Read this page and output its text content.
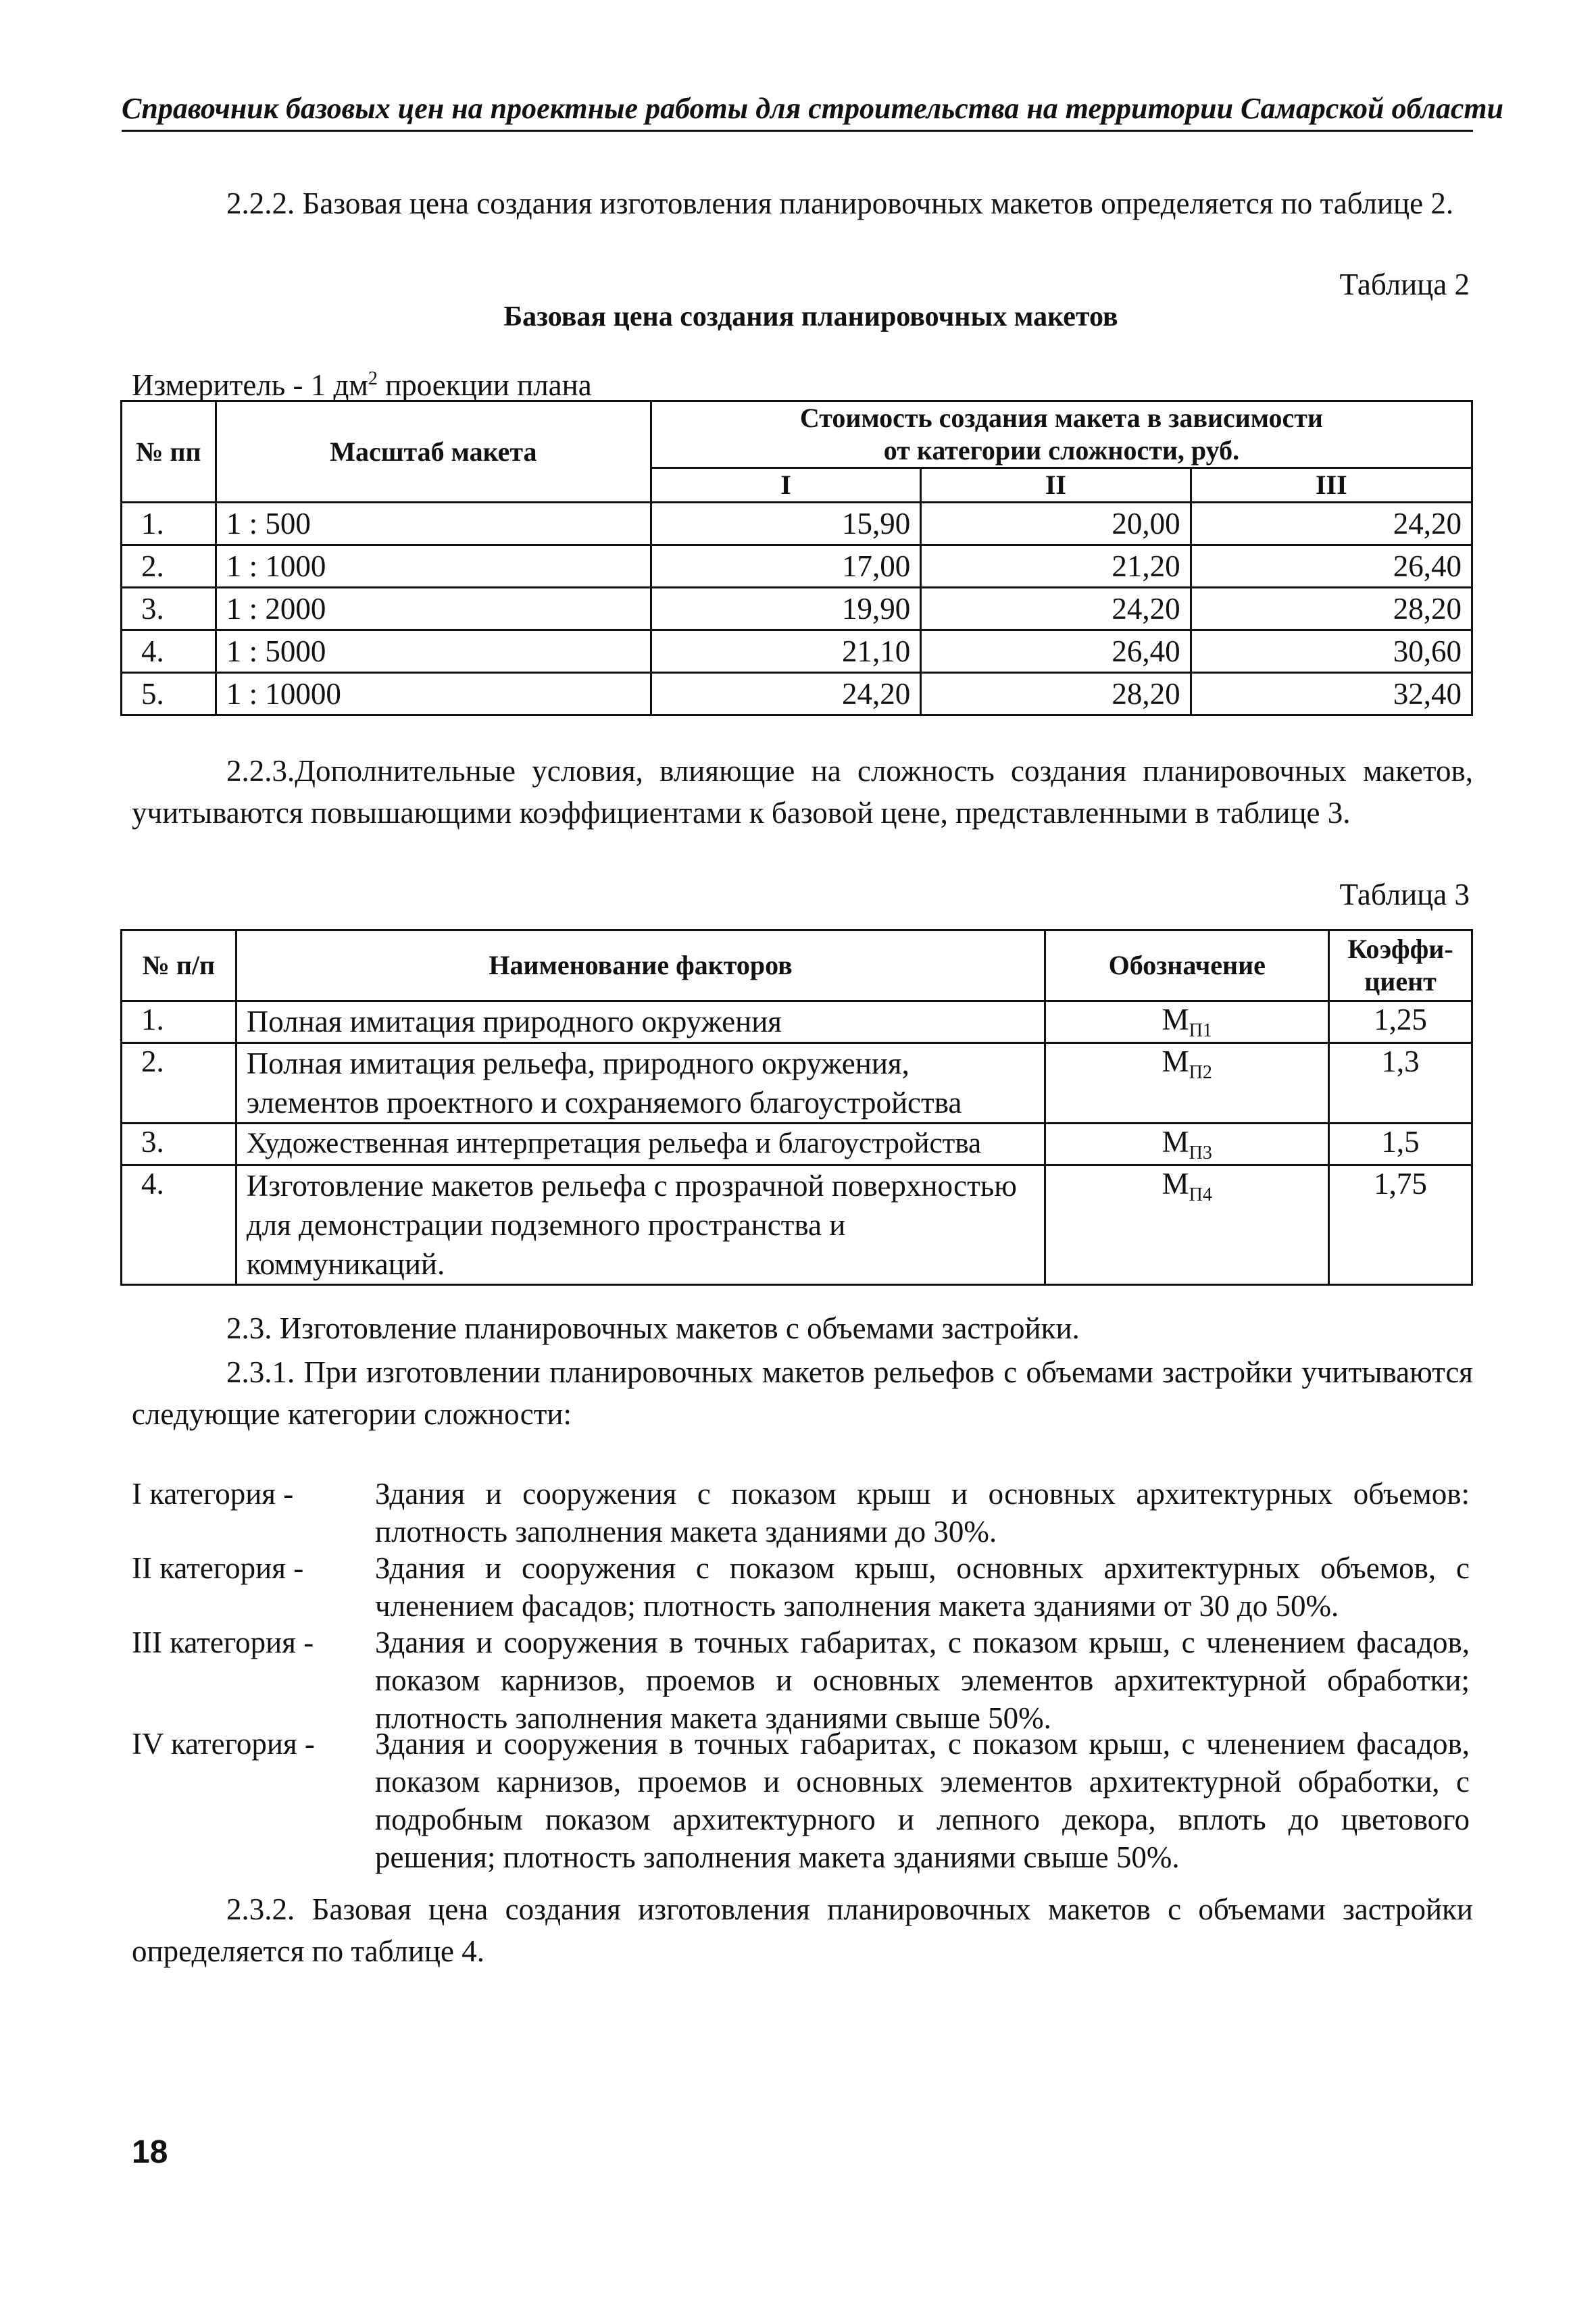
Справочник базовых цен на проектные работы для строительства на территории Самарской области
2.2.2. Базовая цена создания изготовления планировочных макетов определяется по таблице 2.
Таблица 2
Базовая цена создания планировочных макетов
Измеритель - 1 $дм^2$ проекции плана
№ пп	Масштаб макета	Стоимость создания макета в зависимости
от категории сложности, руб.		

		I	II	III
1.	1 : 500	15,90	20,00	24,20
2.	1 : 1000	17,00	21,20	26,40
3.	1 : 2000	19,90	24,20	28,20
4.	1 : 5000	21,10	26,40	30,60
5.	1 : 10000	24,20	28,20	32,40
2.2.3.Дополнительные условия, влияющие на сложность создания планировочных макетов, учитываются повышающими коэффициентами к базовой цене, представленными в таблице 3.
Таблица 3
№ п/п	Наименование факторов	Обозначение	Коэффи-циент
1.	Полная имитация природного окружения	$М_{П1}$	1,25
2.	Полная имитация рельефа, природного окружения, элементов проектного и сохраняемого благоустройства	$М_{П2}$	1,3
3.	Художественная интерпретация рельефа и благоустройства	$М_{П3}$	1,5
4.	Изготовление макетов рельефа с прозрачной поверхностью для демонстрации подземного пространства и коммуникаций.	$М_{П4}$	1,75
2.3. Изготовление планировочных макетов с объемами застройки.
2.3.1. При изготовлении планировочных макетов рельефов с объемами застройки учитываются следующие категории сложности:
I категория -	Здания и сооружения с показом крыш и основных архитектурных объемов: плотность заполнения макета зданиями до 30%.
II категория -	Здания и сооружения с показом крыш, основных архитектурных объемов, с членением фасадов; плотность заполнения макета зданиями от 30 до 50%.
III категория -	Здания и сооружения в точных габаритах, с показом крыш, с членением фасадов, показом карнизов, проемов и основных элементов архитектурной обработки; плотность заполнения макета зданиями свыше 50%.
IV категория -	Здания и сооружения в точных габаритах, с показом крыш, с членением фасадов, показом карнизов, проемов и основных элементов архитектурной обработки, с подробным показом архитектурного и лепного декора, вплоть до цветового решения; плотность заполнения макета зданиями свыше 50%.
2.3.2. Базовая цена создания изготовления планировочных макетов с объемами застройки определяется по таблице 4.
18
